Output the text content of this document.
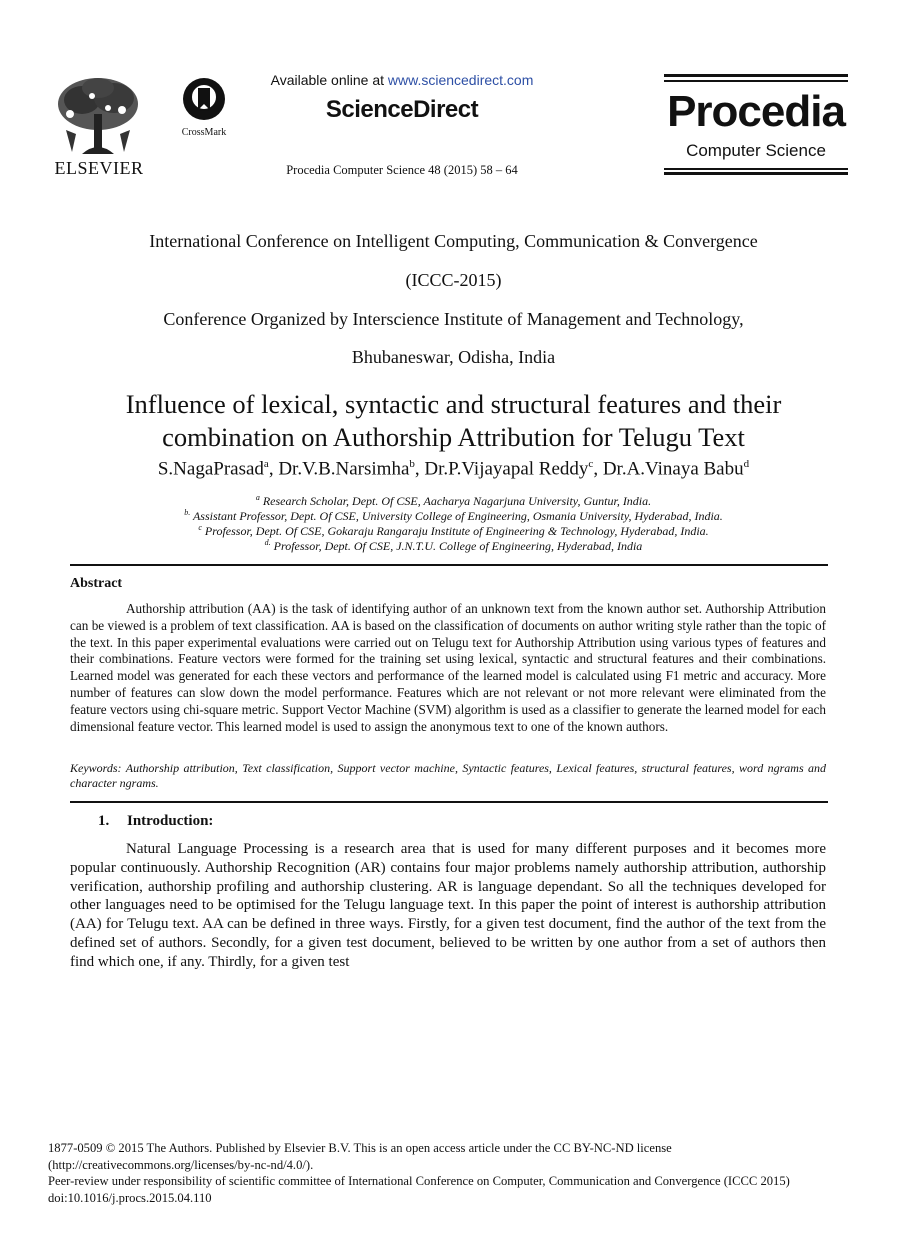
ELSEVIER
CrossMark
Available online at www.sciencedirect.com
ScienceDirect
Procedia Computer Science 48 (2015) 58 – 64
Procedia
Computer Science
International Conference on Intelligent Computing, Communication & Convergence
(ICCC-2015)
Conference Organized by Interscience Institute of Management and Technology,
Bhubaneswar, Odisha, India
Influence of lexical, syntactic and structural features and their
combination on Authorship Attribution for Telugu Text
S.NagaPrasad$^a$, Dr.V.B.Narsimha$^b$, Dr.P.Vijayapal Reddy$^c$, Dr.A.Vinaya Babu$^d$
$^a$ Research Scholar, Dept. Of CSE, Aacharya Nagarjuna University, Guntur, India.
$^{b.}$ Assistant Professor, Dept. Of CSE, University College of Engineering, Osmania University, Hyderabad, India.
$^c$ Professor, Dept. Of CSE, Gokaraju Rangaraju Institute of Engineering & Technology, Hyderabad, India.
$^{d.}$ Professor, Dept. Of CSE, J.N.T.U. College of Engineering, Hyderabad, India
Abstract
Authorship attribution (AA) is the task of identifying author of an unknown text from the known author set. Authorship Attribution can be viewed is a problem of text classification. AA is based on the classification of documents on author writing style rather than the topic of the text. In this paper experimental evaluations were carried out on Telugu text for Authorship Attribution using various types of features and their combinations. Feature vectors were formed for the training set using lexical, syntactic and structural features and their combinations. Learned model was generated for each these vectors and performance of the learned model is calculated using F1 metric and accuracy. More number of features can slow down the model performance. Features which are not relevant or not more relevant were eliminated from the feature vectors using chi-square metric. Support Vector Machine (SVM) algorithm is used as a classifier to generate the learned model for each dimensional feature vector. This learned model is used to assign the anonymous text to one of the known authors.
Keywords: Authorship attribution, Text classification, Support vector machine, Syntactic features, Lexical features, structural features, word ngrams and character ngrams.
1. Introduction:
Natural Language Processing is a research area that is used for many different purposes and it becomes more popular continuously. Authorship Recognition (AR) contains four major problems namely authorship attribution, authorship verification, authorship profiling and authorship clustering. AR is language dependant. So all the techniques developed for other languages need to be optimised for the Telugu language text. In this paper the point of interest is authorship attribution (AA) for Telugu text. AA can be defined in three ways. Firstly, for a given test document, find the author of the text from the defined set of authors. Secondly, for a given test document, believed to be written by one author from a set of authors then find which one, if any. Thirdly, for a given test
1877-0509 © 2015 The Authors. Published by Elsevier B.V. This is an open access article under the CC BY-NC-ND license
(http://creativecommons.org/licenses/by-nc-nd/4.0/).
Peer-review under responsibility of scientific committee of International Conference on Computer, Communication and Convergence (ICCC 2015)
doi:10.1016/j.procs.2015.04.110
